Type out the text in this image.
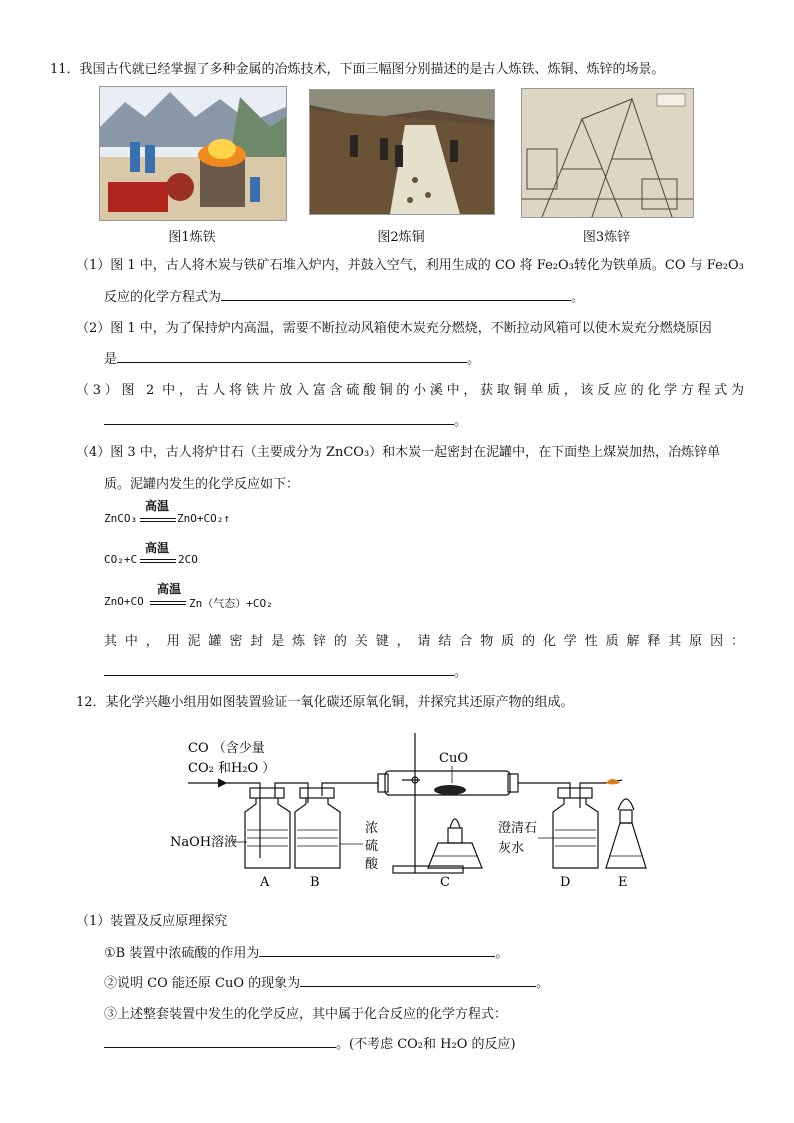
11．我国古代就已经掌握了多种金属的冶炼技术，下面三幅图分别描述的是古人炼铁、炼铜、炼锌的场景。
图1炼铁	图2炼铜	图3炼锌
（1）图 1 中，古人将木炭与铁矿石堆入炉内，并鼓入空气，利用生成的 CO 将 Fe₂O₃转化为铁单质。CO 与 Fe₂O₃
反应的化学方程式为	。
（2）图 1 中，为了保持炉内高温，需要不断拉动风箱使木炭充分燃烧，不断拉动风箱可以使木炭充分燃烧原因
是	。
（3）图 2 中，古人将铁片放入富含硫酸铜的小溪中，获取铜单质，该反应的化学方程式为
。
（4）图 3 中，古人将炉甘石（主要成分为 ZnCO₃）和木炭一起密封在泥罐中，在下面垫上煤炭加热，冶炼锌单
质。泥罐内发生的化学反应如下：
高温
ZnCO₃	ZnO+CO₂↑
高温
CO₂+C	2CO
高温
ZnO+CO	Zn（气态）+CO₂
其中，用泥罐密封是炼锌的关键，请结合物质的化学性质解释其原因：
。
12．某化学兴趣小组用如图装置验证一氧化碳还原氧化铜，并探究其还原产物的组成。
CO （含少量
CO₂ 和H₂O ）
CuO
NaOH溶液
浓
硫
酸
澄清石
灰水
A	B	C	D	E
（1）装置及反应原理探究
①B 装置中浓硫酸的作用为	。
②说明 CO 能还原 CuO 的现象为	。
③上述整套装置中发生的化学反应，其中属于化合反应的化学方程式：
。(不考虑 CO₂和 H₂O 的反应)
